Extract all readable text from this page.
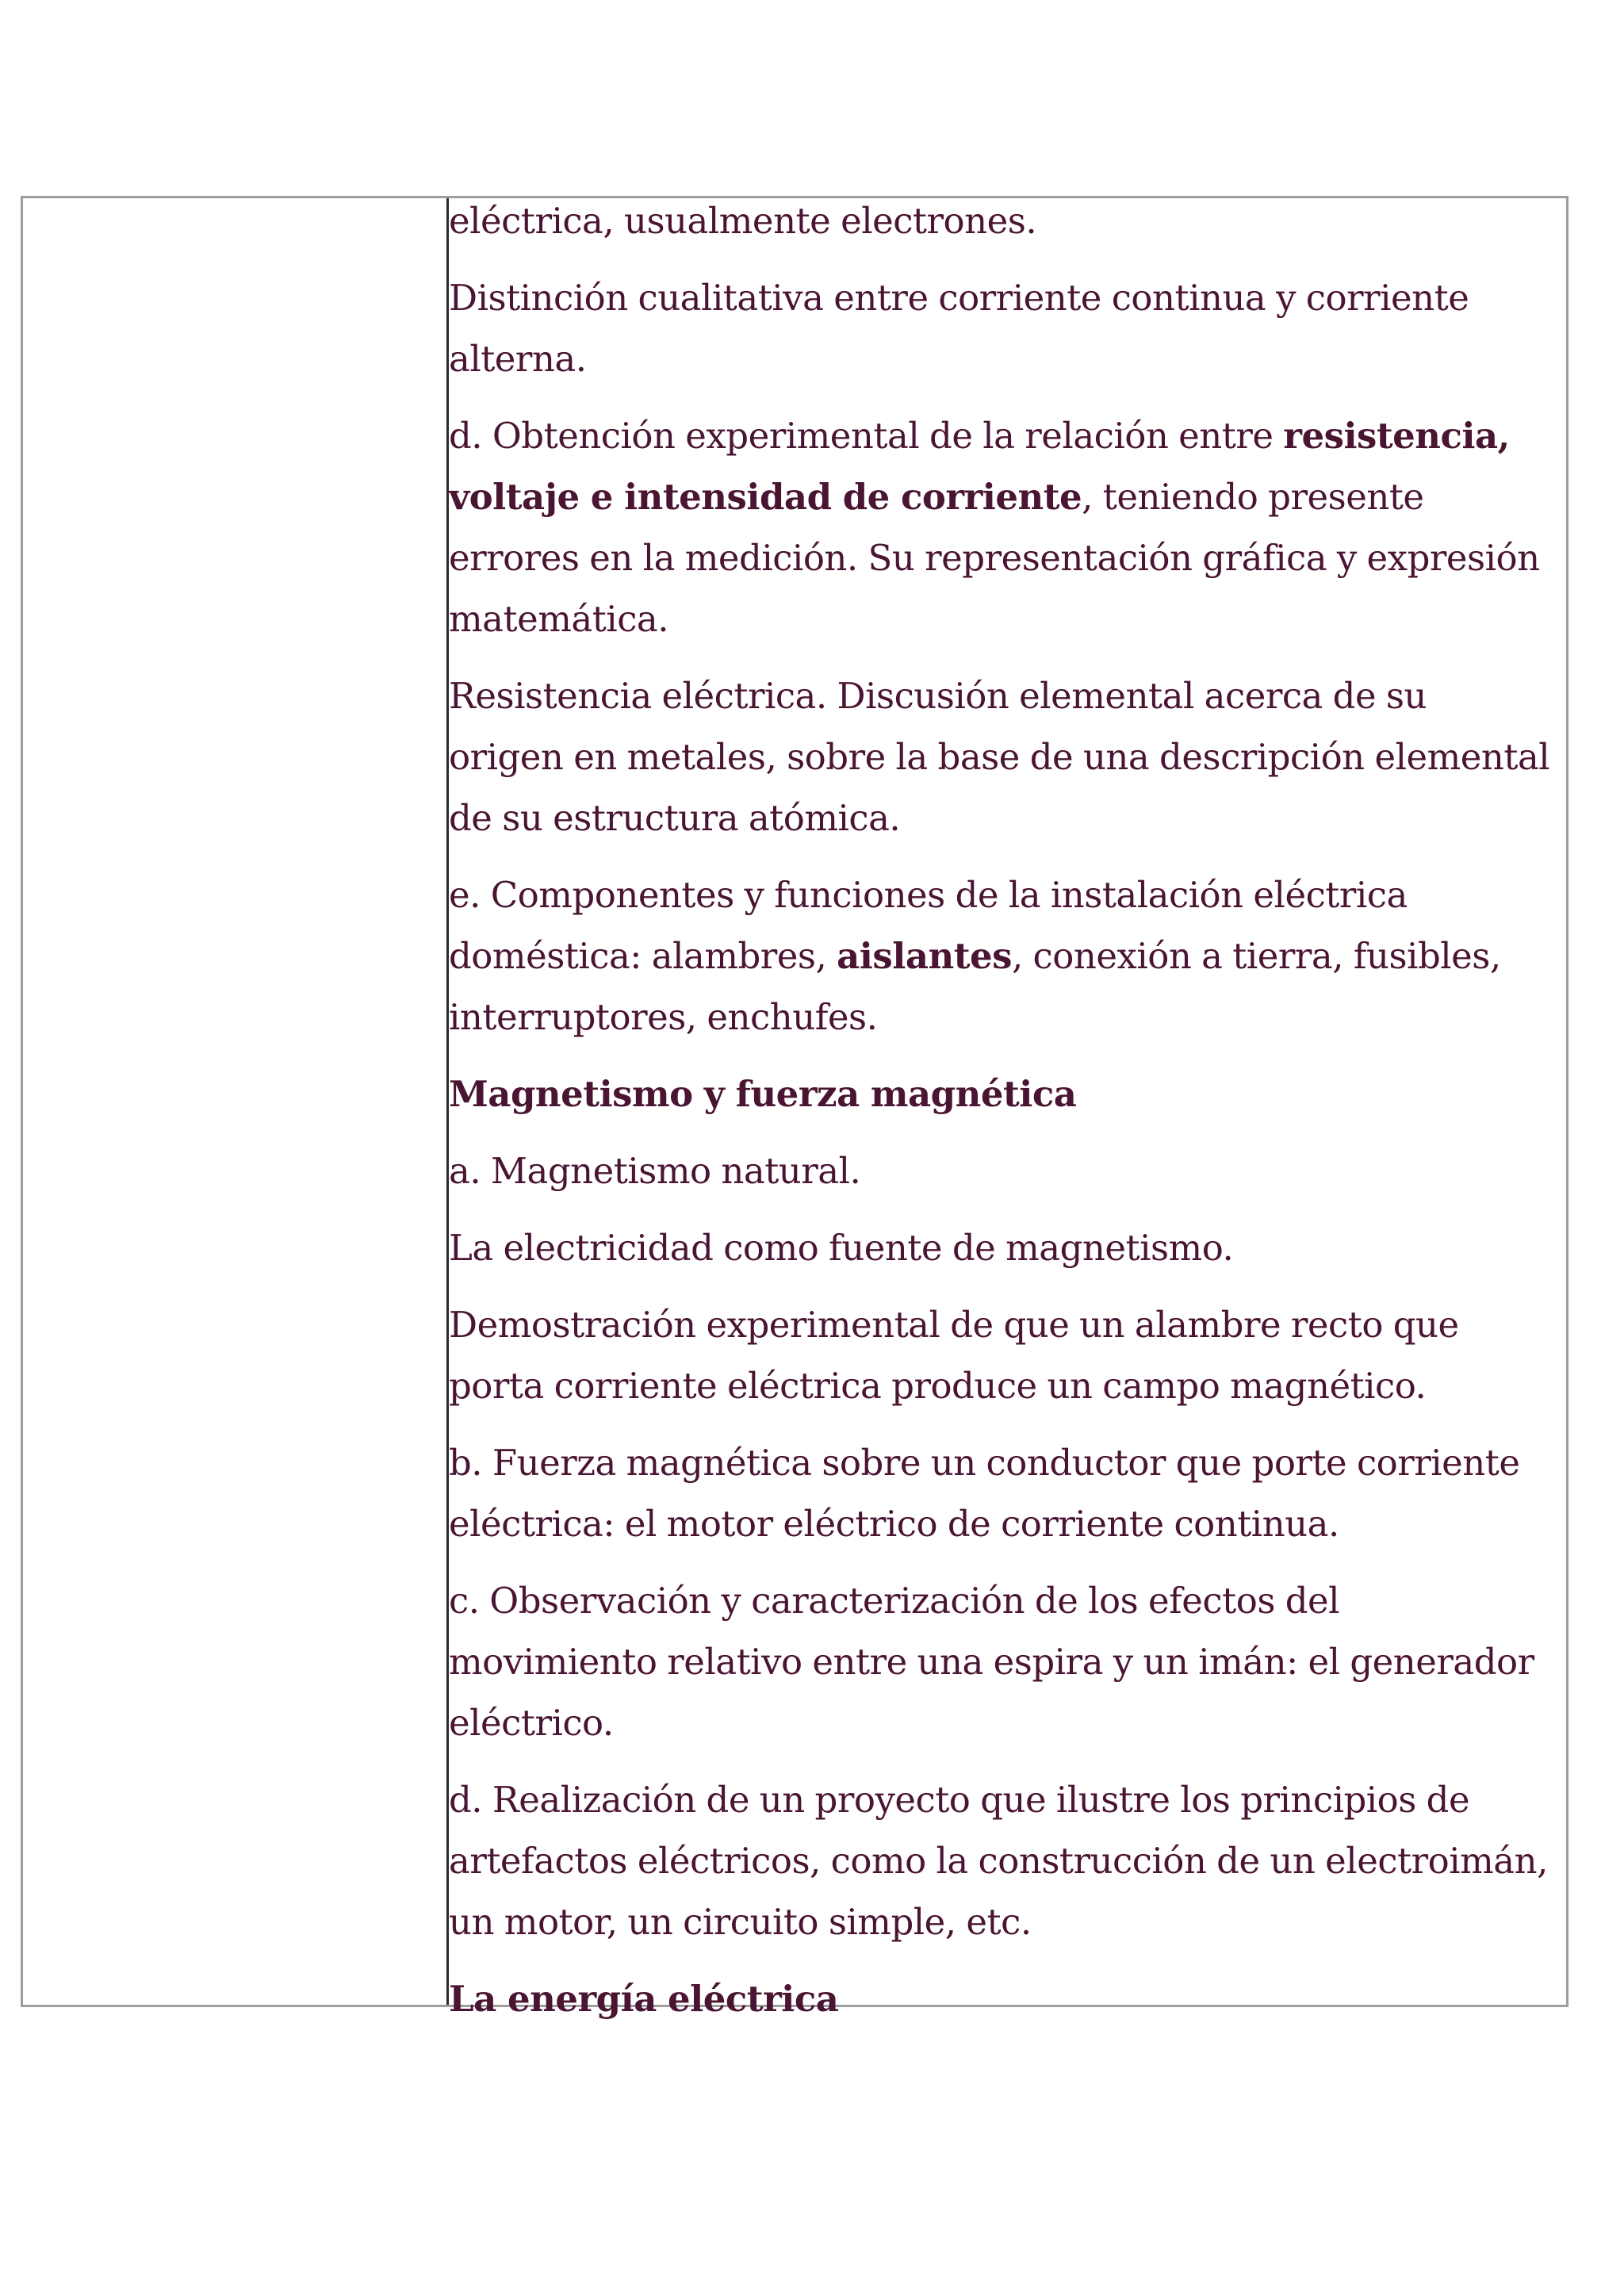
eléctrica, usualmente electrones.

Distinción cualitativa entre corriente continua y corriente alterna.

d. Obtención experimental de la relación entre resistencia, voltaje e intensidad de corriente, teniendo presente errores en la medición. Su representación gráfica y expresión matemática.

Resistencia eléctrica. Discusión elemental acerca de su origen en metales, sobre la base de una descripción elemental de su estructura atómica.

e. Componentes y funciones de la instalación eléctrica doméstica: alambres, aislantes, conexión a tierra, fusibles, interruptores, enchufes.

Magnetismo y fuerza magnética

a. Magnetismo natural.

La electricidad como fuente de magnetismo.

Demostración experimental de que un alambre recto que porta corriente eléctrica produce un campo magnético.

b. Fuerza magnética sobre un conductor que porte corriente eléctrica: el motor eléctrico de corriente continua.

c. Observación y caracterización de los efectos del movimiento relativo entre una espira y un imán: el generador eléctrico.

d. Realización de un proyecto que ilustre los principios de artefactos eléctricos, como la construcción de un electroimán, un motor, un circuito simple, etc.

La energía eléctrica
